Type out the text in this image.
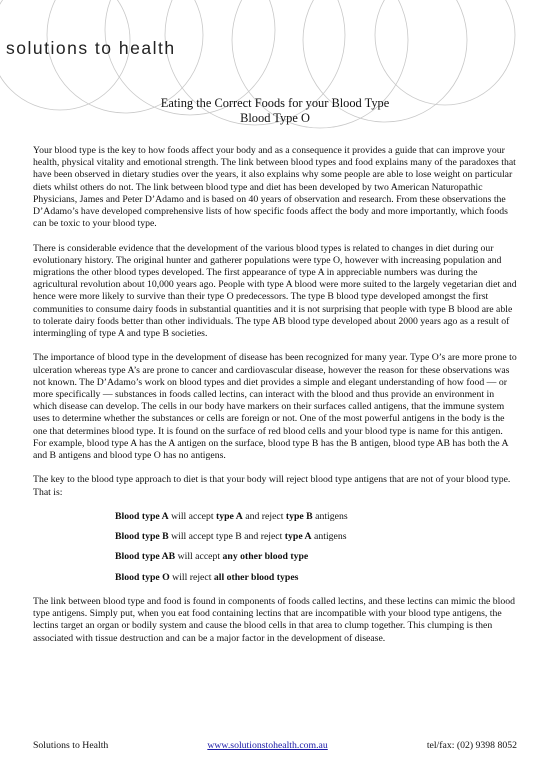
solutions to health
Eating the Correct Foods for your Blood Type
Blood Type O

Your blood type is the key to how foods affect your body and as a consequence it provides a guide that can improve your health, physical vitality and emotional strength. The link between blood types and food explains many of the paradoxes that have been observed in dietary studies over the years, it also explains why some people are able to lose weight on particular diets whilst others do not. The link between blood type and diet has been developed by two American Naturopathic Physicians, James and Peter D’Adamo and is based on 40 years of observation and research. From these observations the D’Adamo’s have developed comprehensive lists of how specific foods affect the body and more importantly, which foods can be toxic to your blood type.

There is considerable evidence that the development of the various blood types is related to changes in diet during our evolutionary history. The original hunter and gatherer populations were type O, however with increasing population and migrations the other blood types developed. The first appearance of type A in appreciable numbers was during the agricultural revolution about 10,000 years ago. People with type A blood were more suited to the largely vegetarian diet and hence were more likely to survive than their type O predecessors. The type B blood type developed amongst the first communities to consume dairy foods in substantial quantities and it is not surprising that people with type B blood are able to tolerate dairy foods better than other individuals. The type AB blood type developed about 2000 years ago as a result of intermingling of type A and type B societies.

The importance of blood type in the development of disease has been recognized for many year. Type O’s are more prone to ulceration whereas type A’s are prone to cancer and cardiovascular disease, however the reason for these observations was not known. The D’Adamo’s work on blood types and diet provides a simple and elegant understanding of how food — or more specifically — substances in foods called lectins, can interact with the blood and thus provide an environment in which disease can develop. The cells in our body have markers on their surfaces called antigens, that the immune system uses to determine whether the substances or cells are foreign or not. One of the most powerful antigens in the body is the one that determines blood type. It is found on the surface of red blood cells and your blood type is name for this antigen. For example, blood type A has the A antigen on the surface, blood type B has the B antigen, blood type AB has both the A and B antigens and blood type O has no antigens.

The key to the blood type approach to diet is that your body will reject blood type antigens that are not of your blood type. That is:

Blood type A will accept type A and reject type B antigens
Blood type B will accept type B and reject type A antigens
Blood type AB will accept any other blood type
Blood type O will reject all other blood types

The link between blood type and food is found in components of foods called lectins, and these lectins can mimic the blood type antigens. Simply put, when you eat food containing lectins that are incompatible with your blood type antigens, the lectins target an organ or bodily system and cause the blood cells in that area to clump together. This clumping is then associated with tissue destruction and can be a major factor in the development of disease.

Solutions to Health	www.solutionstohealth.com.au	tel/fax: (02) 9398 8052
